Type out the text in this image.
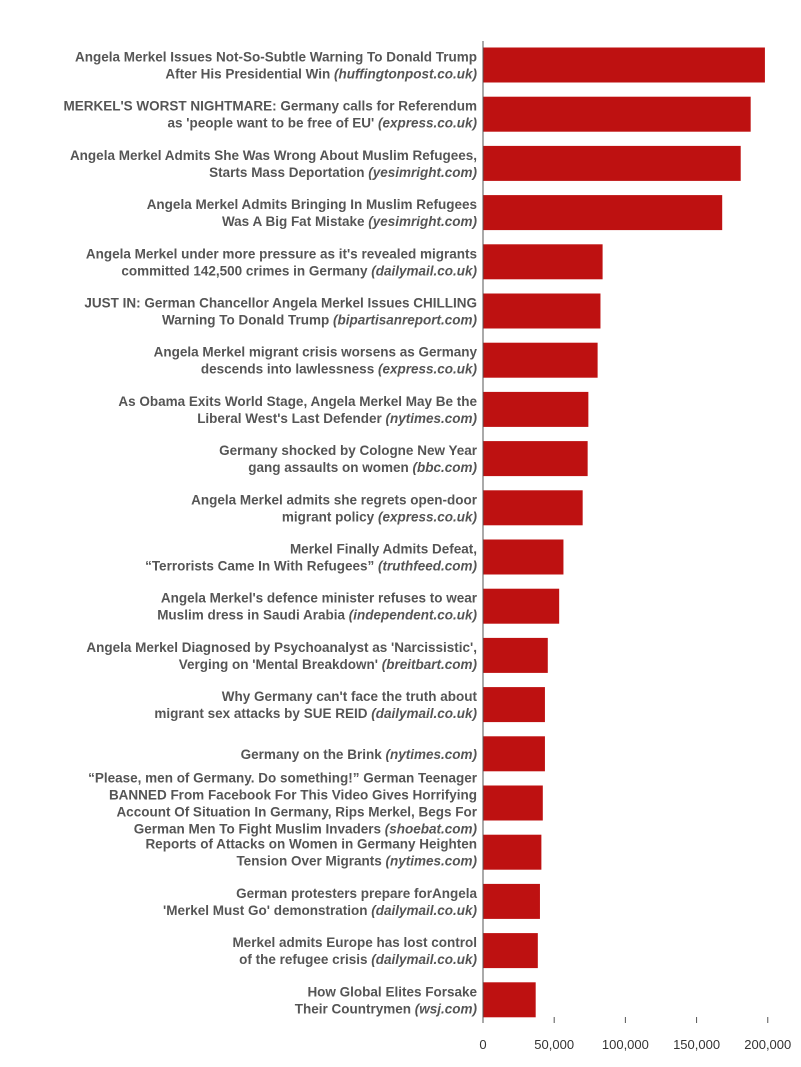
Angela Merkel Issues Not-So-Subtle Warning To Donald Trump
After His Presidential Win (huffingtonpost.co.uk)
MERKEL'S WORST NIGHTMARE: Germany calls for Referendum
as 'people want to be free of EU' (express.co.uk)
Angela Merkel Admits She Was Wrong About Muslim Refugees,
Starts Mass Deportation (yesimright.com)
Angela Merkel Admits Bringing In Muslim Refugees
Was A Big Fat Mistake (yesimright.com)
Angela Merkel under more pressure as it's revealed migrants
committed 142,500 crimes in Germany (dailymail.co.uk)
JUST IN: German Chancellor Angela Merkel Issues CHILLING
Warning To Donald Trump (bipartisanreport.com)
Angela Merkel migrant crisis worsens as Germany
descends into lawlessness (express.co.uk)
As Obama Exits World Stage, Angela Merkel May Be the
Liberal West's Last Defender (nytimes.com)
Germany shocked by Cologne New Year
gang assaults on women (bbc.com)
Angela Merkel admits she regrets open-door
migrant policy (express.co.uk)
Merkel Finally Admits Defeat,
“Terrorists Came In With Refugees” (truthfeed.com)
Angela Merkel's defence minister refuses to wear
Muslim dress in Saudi Arabia (independent.co.uk)
Angela Merkel Diagnosed by Psychoanalyst as 'Narcissistic',
Verging on 'Mental Breakdown' (breitbart.com)
Why Germany can't face the truth about
migrant sex attacks by SUE REID (dailymail.co.uk)
Germany on the Brink (nytimes.com)
“Please, men of Germany. Do something!” German Teenager
BANNED From Facebook For This Video Gives Horrifying
Account Of Situation In Germany, Rips Merkel, Begs For
German Men To Fight Muslim Invaders (shoebat.com)
Reports of Attacks on Women in Germany Heighten
Tension Over Migrants (nytimes.com)
German protesters prepare forAngela
'Merkel Must Go' demonstration (dailymail.co.uk)
Merkel admits Europe has lost control
of the refugee crisis (dailymail.co.uk)
How Global Elites Forsake
Their Countrymen (wsj.com)
0	50,000 100,000 150,000 200,000
